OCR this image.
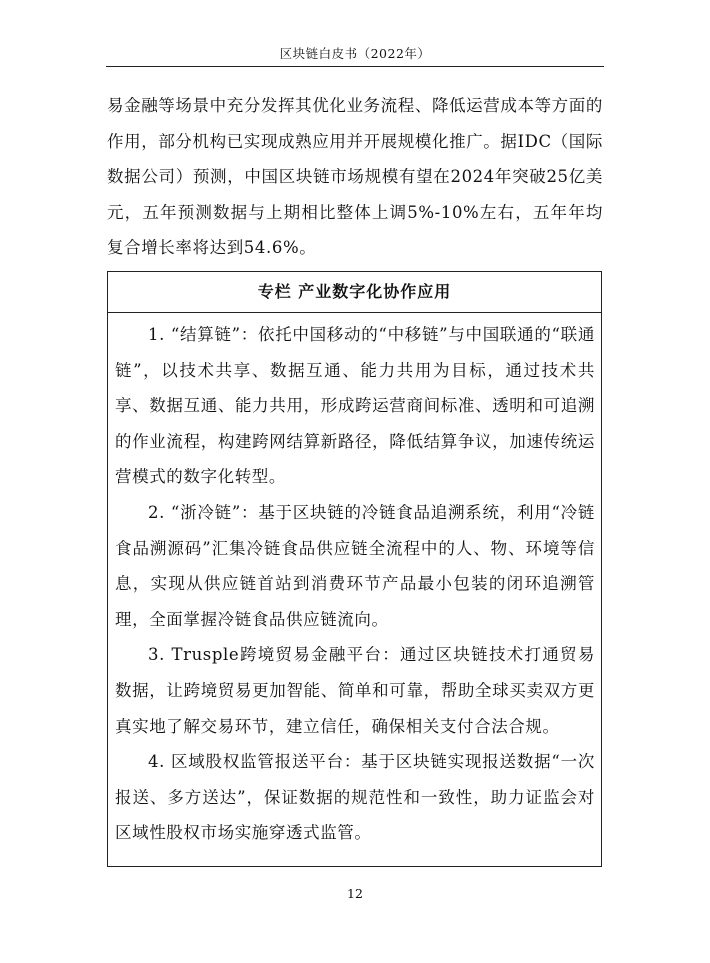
区块链白皮书（2022年）
易金融等场景中充分发挥其优化业务流程、降低运营成本等方面的作用，部分机构已实现成熟应用并开展规模化推广。据IDC（国际数据公司）预测，中国区块链市场规模有望在2024年突破25亿美元，五年预测数据与上期相比整体上调5%-10%左右，五年年均复合增长率将达到54.6%。
专栏 产业数字化协作应用

1. “结算链”：依托中国移动的“中移链”与中国联通的“联通链”，以技术共享、数据互通、能力共用为目标，通过技术共享、数据互通、能力共用，形成跨运营商间标准、透明和可追溯的作业流程，构建跨网结算新路径，降低结算争议，加速传统运营模式的数字化转型。

2. “浙冷链”：基于区块链的冷链食品追溯系统，利用“冷链食品溯源码”汇集冷链食品供应链全流程中的人、物、环境等信息，实现从供应链首站到消费环节产品最小包装的闭环追溯管理，全面掌握冷链食品供应链流向。

3. Trusple跨境贸易金融平台：通过区块链技术打通贸易数据，让跨境贸易更加智能、简单和可靠，帮助全球买卖双方更真实地了解交易环节，建立信任，确保相关支付合法合规。

4. 区域股权监管报送平台：基于区块链实现报送数据“一次报送、多方送达”，保证数据的规范性和一致性，助力证监会对区域性股权市场实施穿透式监管。

12
